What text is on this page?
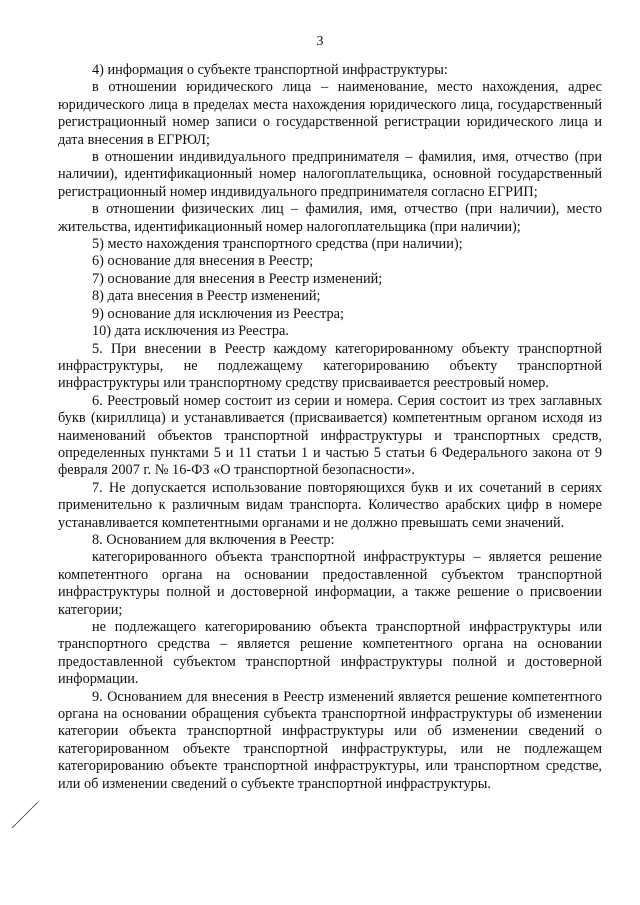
3

4) информация о субъекте транспортной инфраструктуры:

в отношении юридического лица – наименование, место нахождения, адрес юридического лица в пределах места нахождения юридического лица, государственный регистрационный номер записи о государственной регистрации юридического лица и дата внесения в ЕГРЮЛ;

в отношении индивидуального предпринимателя – фамилия, имя, отчество (при наличии), идентификационный номер налогоплательщика, основной государственный регистрационный номер индивидуального предпринимателя согласно ЕГРИП;

в отношении физических лиц – фамилия, имя, отчество (при наличии), место жительства, идентификационный номер налогоплательщика (при наличии);

5) место нахождения транспортного средства (при наличии);

6) основание для внесения в Реестр;

7) основание для внесения в Реестр изменений;

8) дата внесения в Реестр изменений;

9) основание для исключения из Реестра;

10) дата исключения из Реестра.

5. При внесении в Реестр каждому категорированному объекту транспортной инфраструктуры, не подлежащему категорированию объекту транспортной инфраструктуры или транспортному средству присваивается реестровый номер.

6. Реестровый номер состоит из серии и номера. Серия состоит из трех заглавных букв (кириллица) и устанавливается (присваивается) компетентным органом исходя из наименований объектов транспортной инфраструктуры и транспортных средств, определенных пунктами 5 и 11 статьи 1 и частью 5 статьи 6 Федерального закона от 9 февраля 2007 г. № 16-ФЗ «О транспортной безопасности».

7. Не допускается использование повторяющихся букв и их сочетаний в сериях применительно к различным видам транспорта. Количество арабских цифр в номере устанавливается компетентными органами и не должно превышать семи значений.

8. Основанием для включения в Реестр:

категорированного объекта транспортной инфраструктуры – является решение компетентного органа на основании предоставленной субъектом транспортной инфраструктуры полной и достоверной информации, а также решение о присвоении категории;

не подлежащего категорированию объекта транспортной инфраструктуры или транспортного средства – является решение компетентного органа на основании предоставленной субъектом транспортной инфраструктуры полной и достоверной информации.

9. Основанием для внесения в Реестр изменений является решение компетентного органа на основании обращения субъекта транспортной инфраструктуры об изменении категории объекта транспортной инфраструктуры или об изменении сведений о категорированном объекте транспортной инфраструктуры, или не подлежащем категорированию объекте транспортной инфраструктуры, или транспортном средстве, или об изменении сведений о субъекте транспортной инфраструктуры.
